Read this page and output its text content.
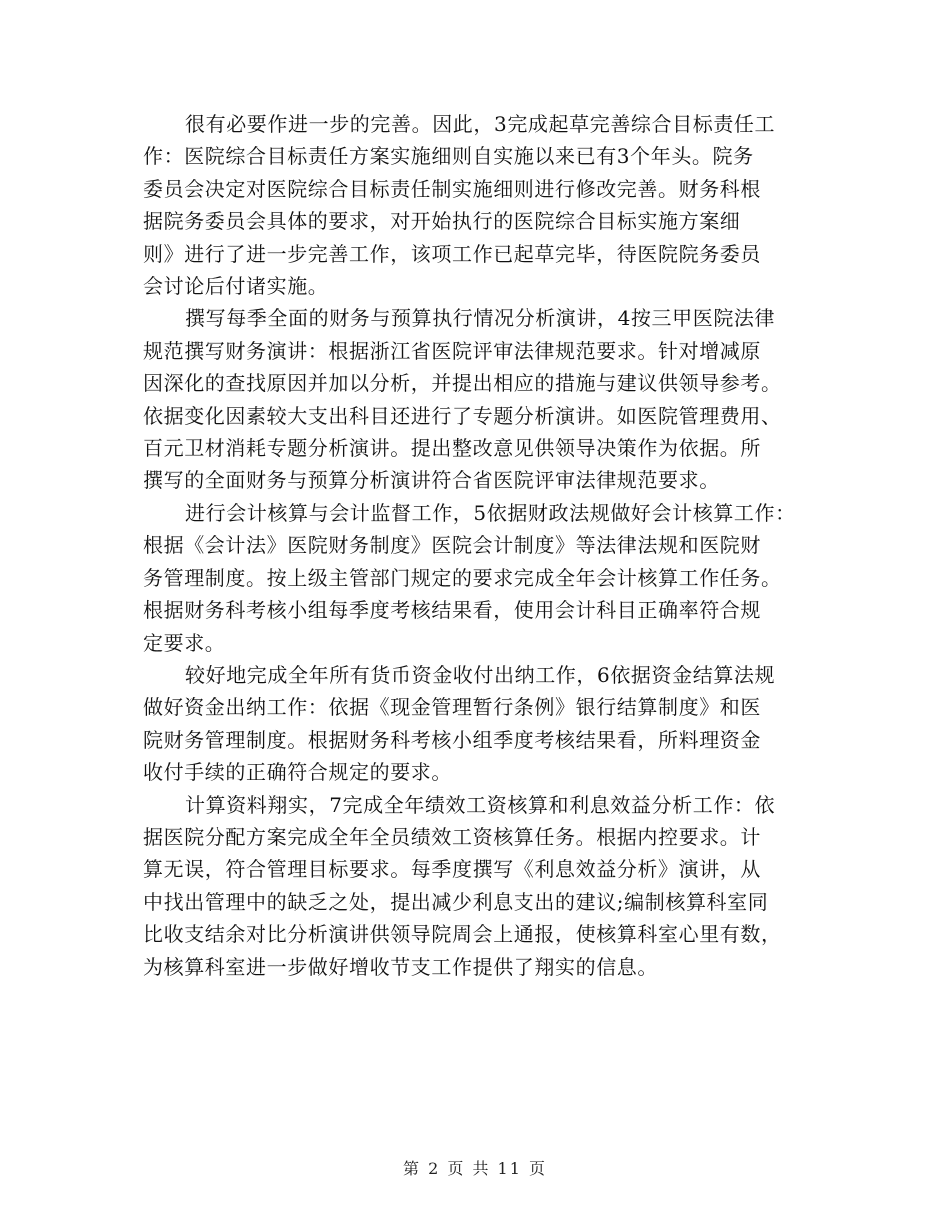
很有必要作进一步的完善。因此，3完成起草完善综合目标责任工
作：医院综合目标责任方案实施细则自实施以来已有3个年头。院务
委员会决定对医院综合目标责任制实施细则进行修改完善。财务科根
据院务委员会具体的要求，对开始执行的医院综合目标实施方案细
则》进行了进一步完善工作，该项工作已起草完毕，待医院院务委员
会讨论后付诸实施。
撰写每季全面的财务与预算执行情况分析演讲，4按三甲医院法律
规范撰写财务演讲：根据浙江省医院评审法律规范要求。针对增减原
因深化的查找原因并加以分析，并提出相应的措施与建议供领导参考。
依据变化因素较大支出科目还进行了专题分析演讲。如医院管理费用、
百元卫材消耗专题分析演讲。提出整改意见供领导决策作为依据。所
撰写的全面财务与预算分析演讲符合省医院评审法律规范要求。
进行会计核算与会计监督工作，5依据财政法规做好会计核算工作：
根据《会计法》医院财务制度》医院会计制度》等法律法规和医院财
务管理制度。按上级主管部门规定的要求完成全年会计核算工作任务。
根据财务科考核小组每季度考核结果看，使用会计科目正确率符合规
定要求。
较好地完成全年所有货币资金收付出纳工作，6依据资金结算法规
做好资金出纳工作：依据《现金管理暂行条例》银行结算制度》和医
院财务管理制度。根据财务科考核小组季度考核结果看，所料理资金
收付手续的正确符合规定的要求。
计算资料翔实，7完成全年绩效工资核算和利息效益分析工作：依
据医院分配方案完成全年全员绩效工资核算任务。根据内控要求。计
算无误，符合管理目标要求。每季度撰写《利息效益分析》演讲，从
中找出管理中的缺乏之处，提出减少利息支出的建议;编制核算科室同
比收支结余对比分析演讲供领导院周会上通报，使核算科室心里有数，
为核算科室进一步做好增收节支工作提供了翔实的信息。
第 2 页 共 11 页
